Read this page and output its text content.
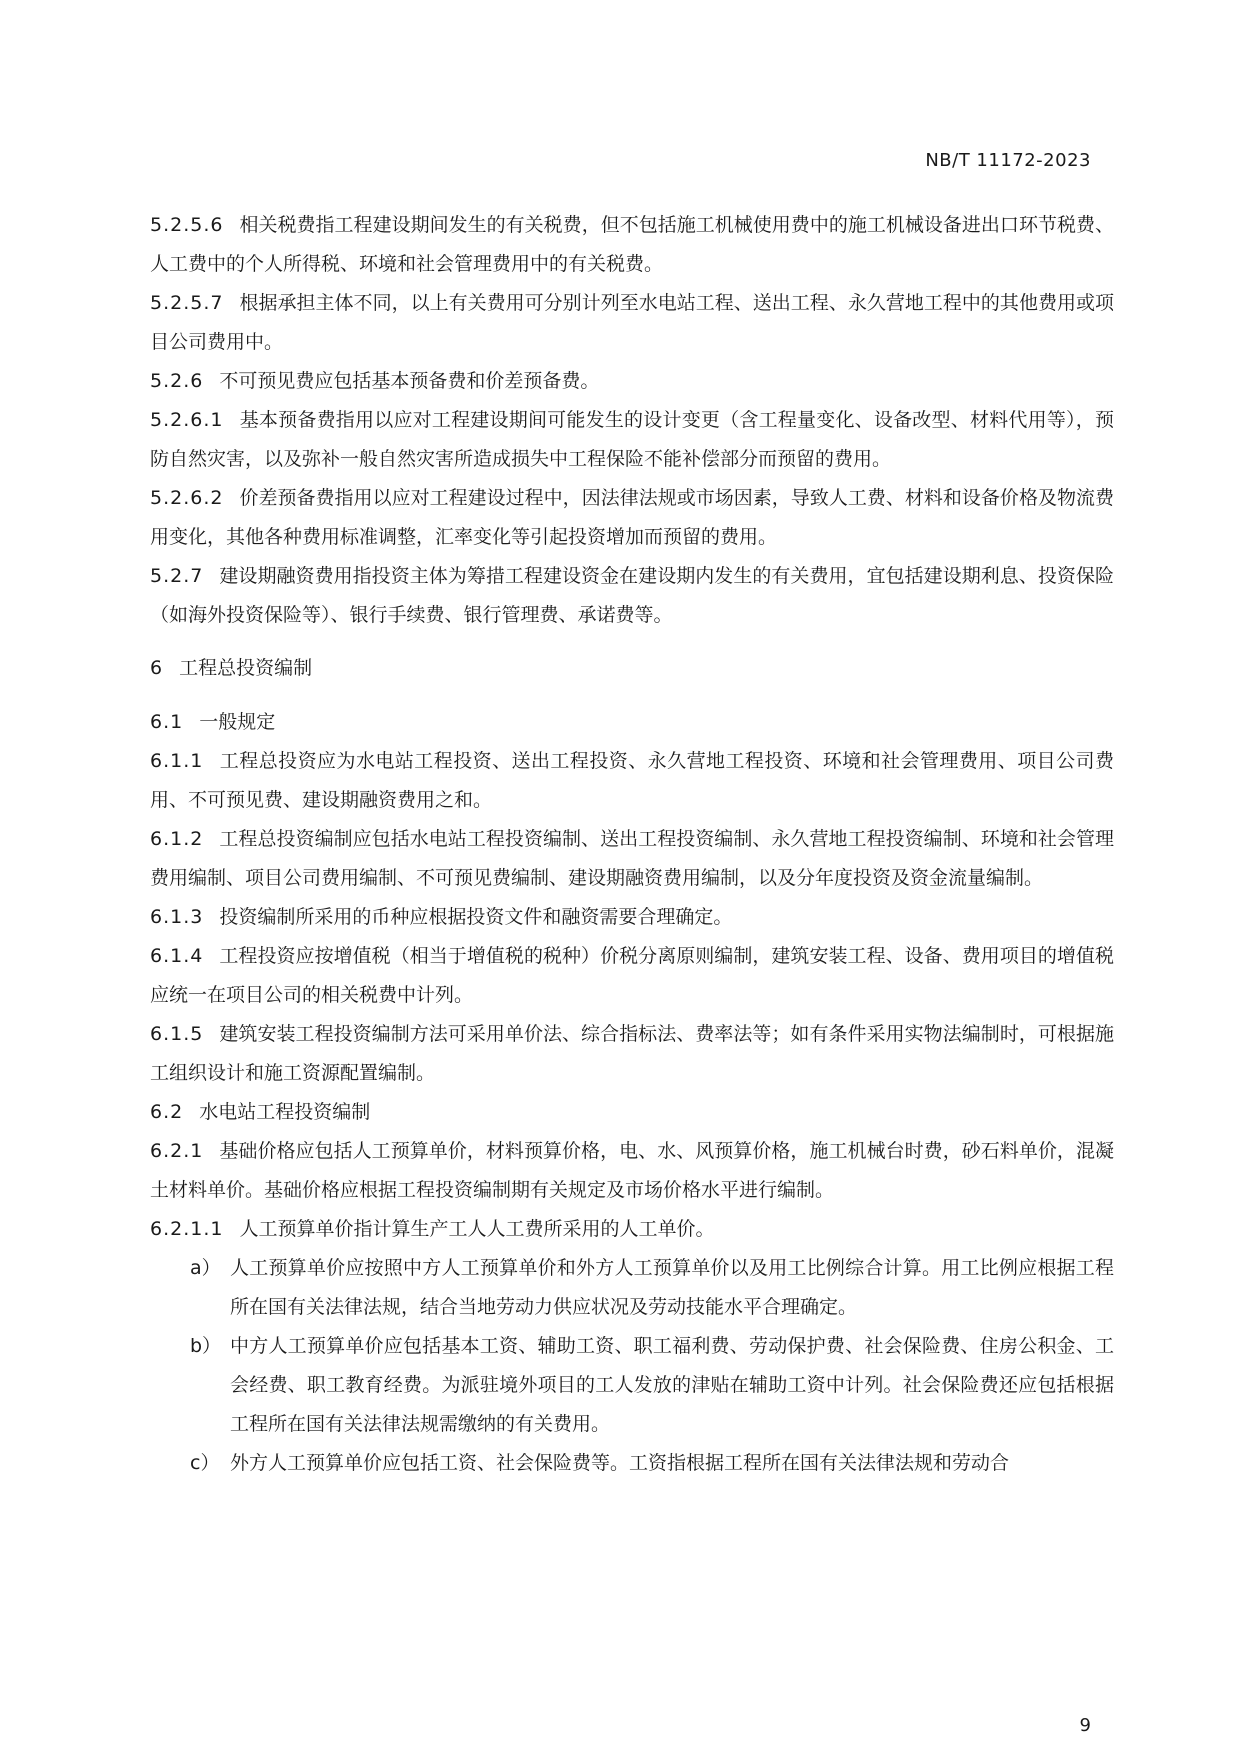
NB/T 11172-2023

5.2.5.6 相关税费指工程建设期间发生的有关税费，但不包括施工机械使用费中的施工机械设备进出口环节税费、人工费中的个人所得税、环境和社会管理费用中的有关税费。

5.2.5.7 根据承担主体不同，以上有关费用可分别计列至水电站工程、送出工程、永久营地工程中的其他费用或项目公司费用中。

5.2.6 不可预见费应包括基本预备费和价差预备费。

5.2.6.1 基本预备费指用以应对工程建设期间可能发生的设计变更（含工程量变化、设备改型、材料代用等），预防自然灾害，以及弥补一般自然灾害所造成损失中工程保险不能补偿部分而预留的费用。

5.2.6.2 价差预备费指用以应对工程建设过程中，因法律法规或市场因素，导致人工费、材料和设备价格及物流费用变化，其他各种费用标准调整，汇率变化等引起投资增加而预留的费用。

5.2.7 建设期融资费用指投资主体为筹措工程建设资金在建设期内发生的有关费用，宜包括建设期利息、投资保险（如海外投资保险等）、银行手续费、银行管理费、承诺费等。

6 工程总投资编制
6.1 一般规定

6.1.1 工程总投资应为水电站工程投资、送出工程投资、永久营地工程投资、环境和社会管理费用、项目公司费用、不可预见费、建设期融资费用之和。

6.1.2 工程总投资编制应包括水电站工程投资编制、送出工程投资编制、永久营地工程投资编制、环境和社会管理费用编制、项目公司费用编制、不可预见费编制、建设期融资费用编制，以及分年度投资及资金流量编制。

6.1.3 投资编制所采用的币种应根据投资文件和融资需要合理确定。

6.1.4 工程投资应按增值税（相当于增值税的税种）价税分离原则编制，建筑安装工程、设备、费用项目的增值税应统一在项目公司的相关税费中计列。

6.1.5 建筑安装工程投资编制方法可采用单价法、综合指标法、费率法等；如有条件采用实物法编制时，可根据施工组织设计和施工资源配置编制。

6.2 水电站工程投资编制

6.2.1 基础价格应包括人工预算单价，材料预算价格，电、水、风预算价格，施工机械台时费，砂石料单价，混凝土材料单价。基础价格应根据工程投资编制期有关规定及市场价格水平进行编制。

6.2.1.1 人工预算单价指计算生产工人人工费所采用的人工单价。

a） 人工预算单价应按照中方人工预算单价和外方人工预算单价以及用工比例综合计算。用工比例应根据工程所在国有关法律法规，结合当地劳动力供应状况及劳动技能水平合理确定。

b） 中方人工预算单价应包括基本工资、辅助工资、职工福利费、劳动保护费、社会保险费、住房公积金、工会经费、职工教育经费。为派驻境外项目的工人发放的津贴在辅助工资中计列。社会保险费还应包括根据工程所在国有关法律法规需缴纳的有关费用。

c） 外方人工预算单价应包括工资、社会保险费等。工资指根据工程所在国有关法律法规和劳动合

9
